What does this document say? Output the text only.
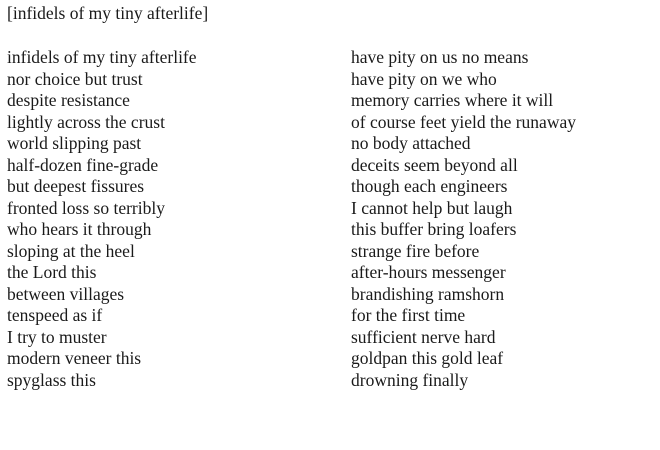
[infidels of my tiny afterlife]
infidels of my tiny afterlife
nor choice but trust
despite resistance
lightly across the crust
world slipping past
half-dozen fine-grade
but deepest fissures
fronted loss so terribly
who hears it through
sloping at the heel
the Lord this
between villages
tenspeed as if
I try to muster
modern veneer this
spyglass this
have pity on us no means
have pity on we who
memory carries where it will
of course feet yield the runaway
no body attached
deceits seem beyond all
though each engineers
I cannot help but laugh
this buffer bring loafers
strange fire before
after-hours messenger
brandishing ramshorn
for the first time
sufficient nerve hard
goldpan this gold leaf
drowning finally
